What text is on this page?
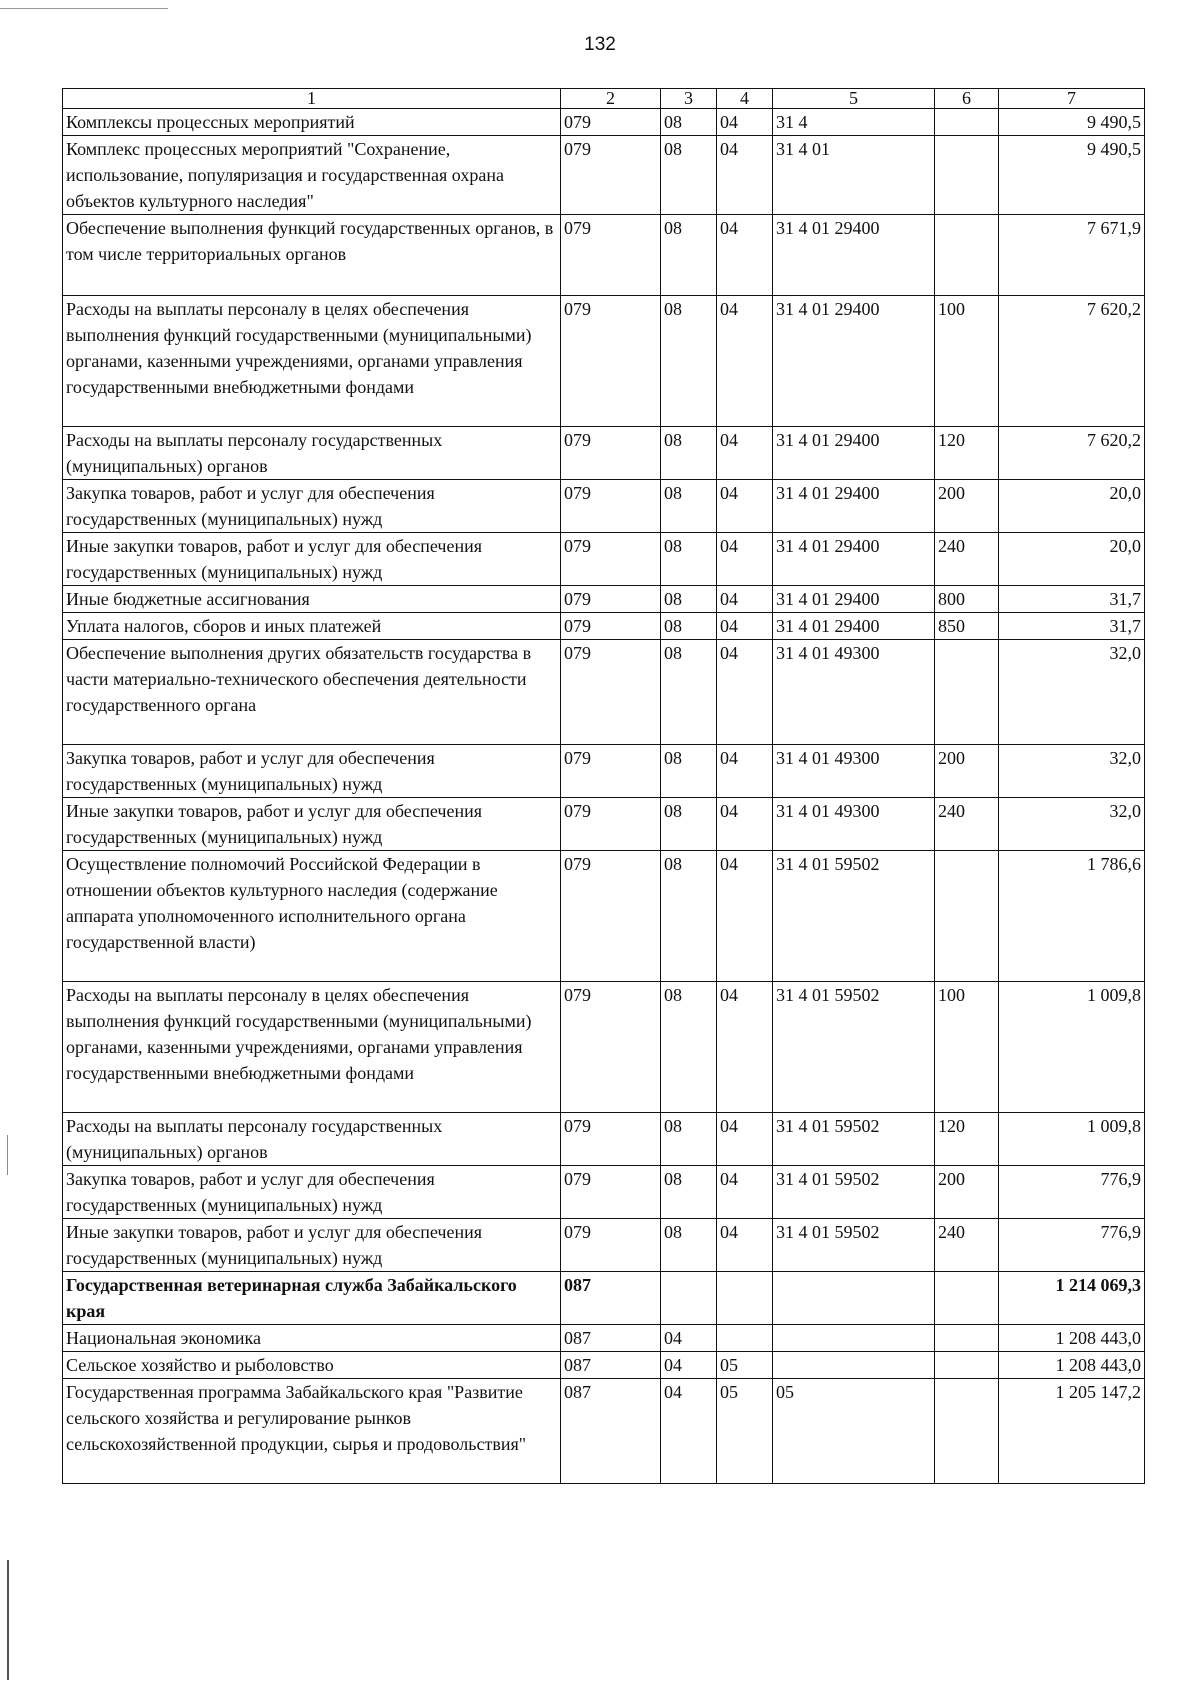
132
1	2	3	4	5	6	7
Комплексы процессных мероприятий	079	08	04	31 4		9 490,5
Комплекс процессных мероприятий "Сохранение, использование, популяризация и государственная охрана объектов культурного наследия"	079	08	04	31 4 01		9 490,5
Обеспечение выполнения функций государственных органов, в том числе территориальных органов	079	08	04	31 4 01 29400		7 671,9
Расходы на выплаты персоналу в целях обеспечения выполнения функций государственными (муниципальными) органами, казенными учреждениями, органами управления государственными внебюджетными фондами	079	08	04	31 4 01 29400	100	7 620,2
Расходы на выплаты персоналу государственных (муниципальных) органов	079	08	04	31 4 01 29400	120	7 620,2
Закупка товаров, работ и услуг для обеспечения государственных (муниципальных) нужд	079	08	04	31 4 01 29400	200	20,0
Иные закупки товаров, работ и услуг для обеспечения государственных (муниципальных) нужд	079	08	04	31 4 01 29400	240	20,0
Иные бюджетные ассигнования	079	08	04	31 4 01 29400	800	31,7
Уплата налогов, сборов и иных платежей	079	08	04	31 4 01 29400	850	31,7
Обеспечение выполнения других обязательств государства в части материально-технического обеспечения деятельности государственного органа	079	08	04	31 4 01 49300		32,0
Закупка товаров, работ и услуг для обеспечения государственных (муниципальных) нужд	079	08	04	31 4 01 49300	200	32,0
Иные закупки товаров, работ и услуг для обеспечения государственных (муниципальных) нужд	079	08	04	31 4 01 49300	240	32,0
Осуществление полномочий Российской Федерации в отношении объектов культурного наследия (содержание аппарата уполномоченного исполнительного органа государственной власти)	079	08	04	31 4 01 59502		1 786,6
Расходы на выплаты персоналу в целях обеспечения выполнения функций государственными (муниципальными) органами, казенными учреждениями, органами управления государственными внебюджетными фондами	079	08	04	31 4 01 59502	100	1 009,8
Расходы на выплаты персоналу государственных (муниципальных) органов	079	08	04	31 4 01 59502	120	1 009,8
Закупка товаров, работ и услуг для обеспечения государственных (муниципальных) нужд	079	08	04	31 4 01 59502	200	776,9
Иные закупки товаров, работ и услуг для обеспечения государственных (муниципальных) нужд	079	08	04	31 4 01 59502	240	776,9
Государственная ветеринарная служба Забайкальского края	087					1 214 069,3
Национальная экономика	087	04				1 208 443,0
Сельское хозяйство и рыболовство	087	04	05			1 208 443,0
Государственная программа Забайкальского края "Развитие сельского хозяйства и регулирование рынков сельскохозяйственной продукции, сырья и продовольствия"	087	04	05	05		1 205 147,2
